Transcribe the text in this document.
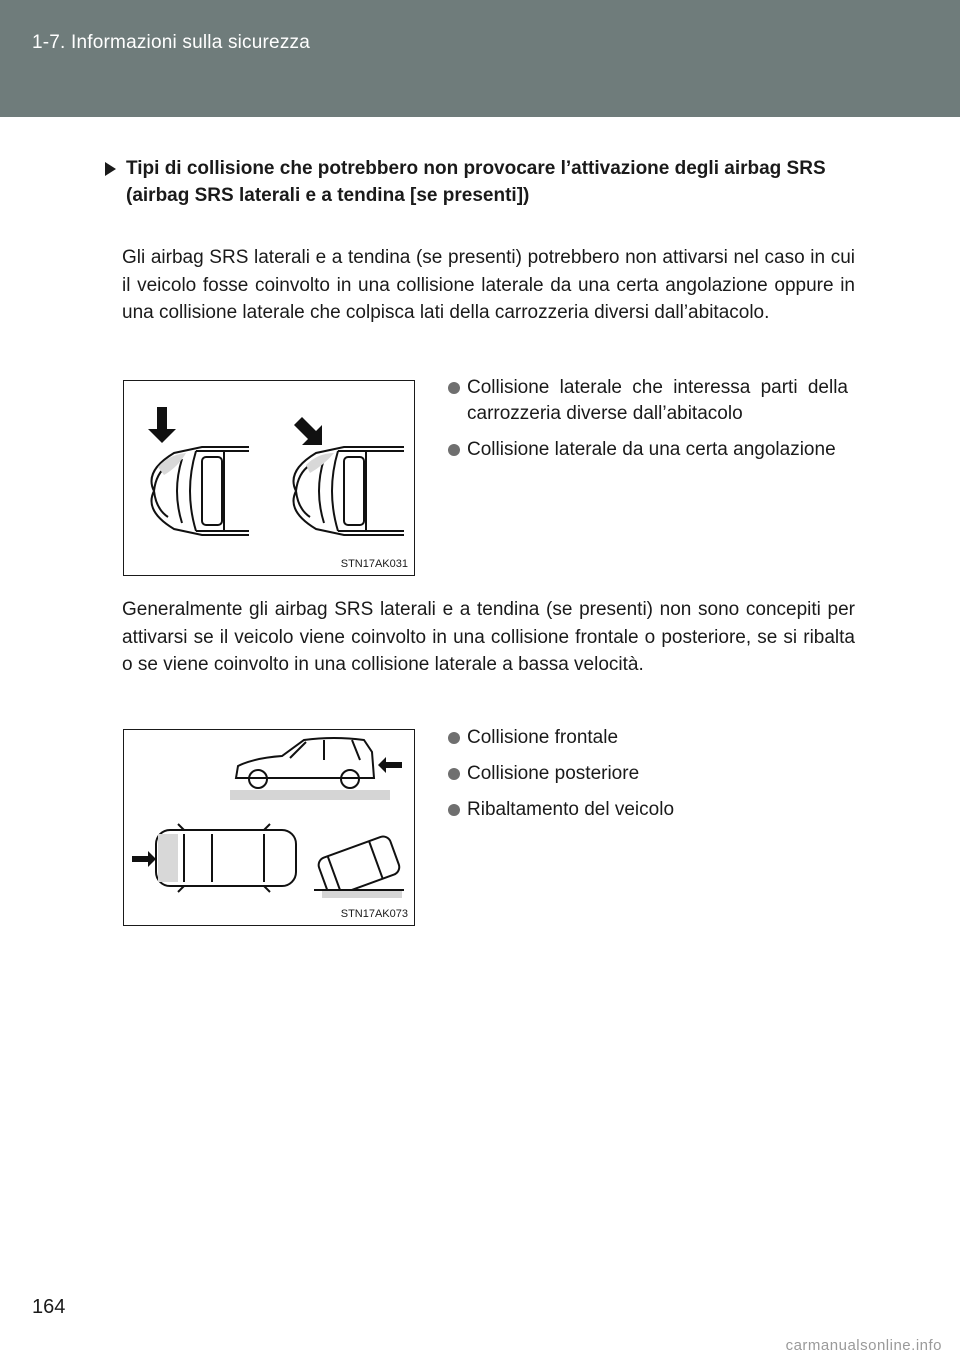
1-7. Informazioni sulla sicurezza
Tipi di collisione che potrebbero non provocare l’attivazione degli airbag SRS
(airbag SRS laterali e a tendina [se presenti])

Gli airbag SRS laterali e a tendina (se presenti) potrebbero non attivarsi nel caso in cui il veicolo fosse coinvolto in una collisione laterale da una certa angolazione oppure in una collisione laterale che colpisca lati della carrozzeria diversi dall’abitacolo.

STN17AK031
Collisione laterale che interessa parti della carrozzeria diverse dall’abitacolo
Collisione laterale da una certa angolazione

Generalmente gli airbag SRS laterali e a tendina (se presenti) non sono concepiti per attivarsi se il veicolo viene coinvolto in una collisione frontale o posteriore, se si ribalta o se viene coinvolto in una collisione laterale a bassa velocità.

STN17AK073
Collisione frontale
Collisione posteriore
Ribaltamento del veicolo
164
carmanualsonline.info
